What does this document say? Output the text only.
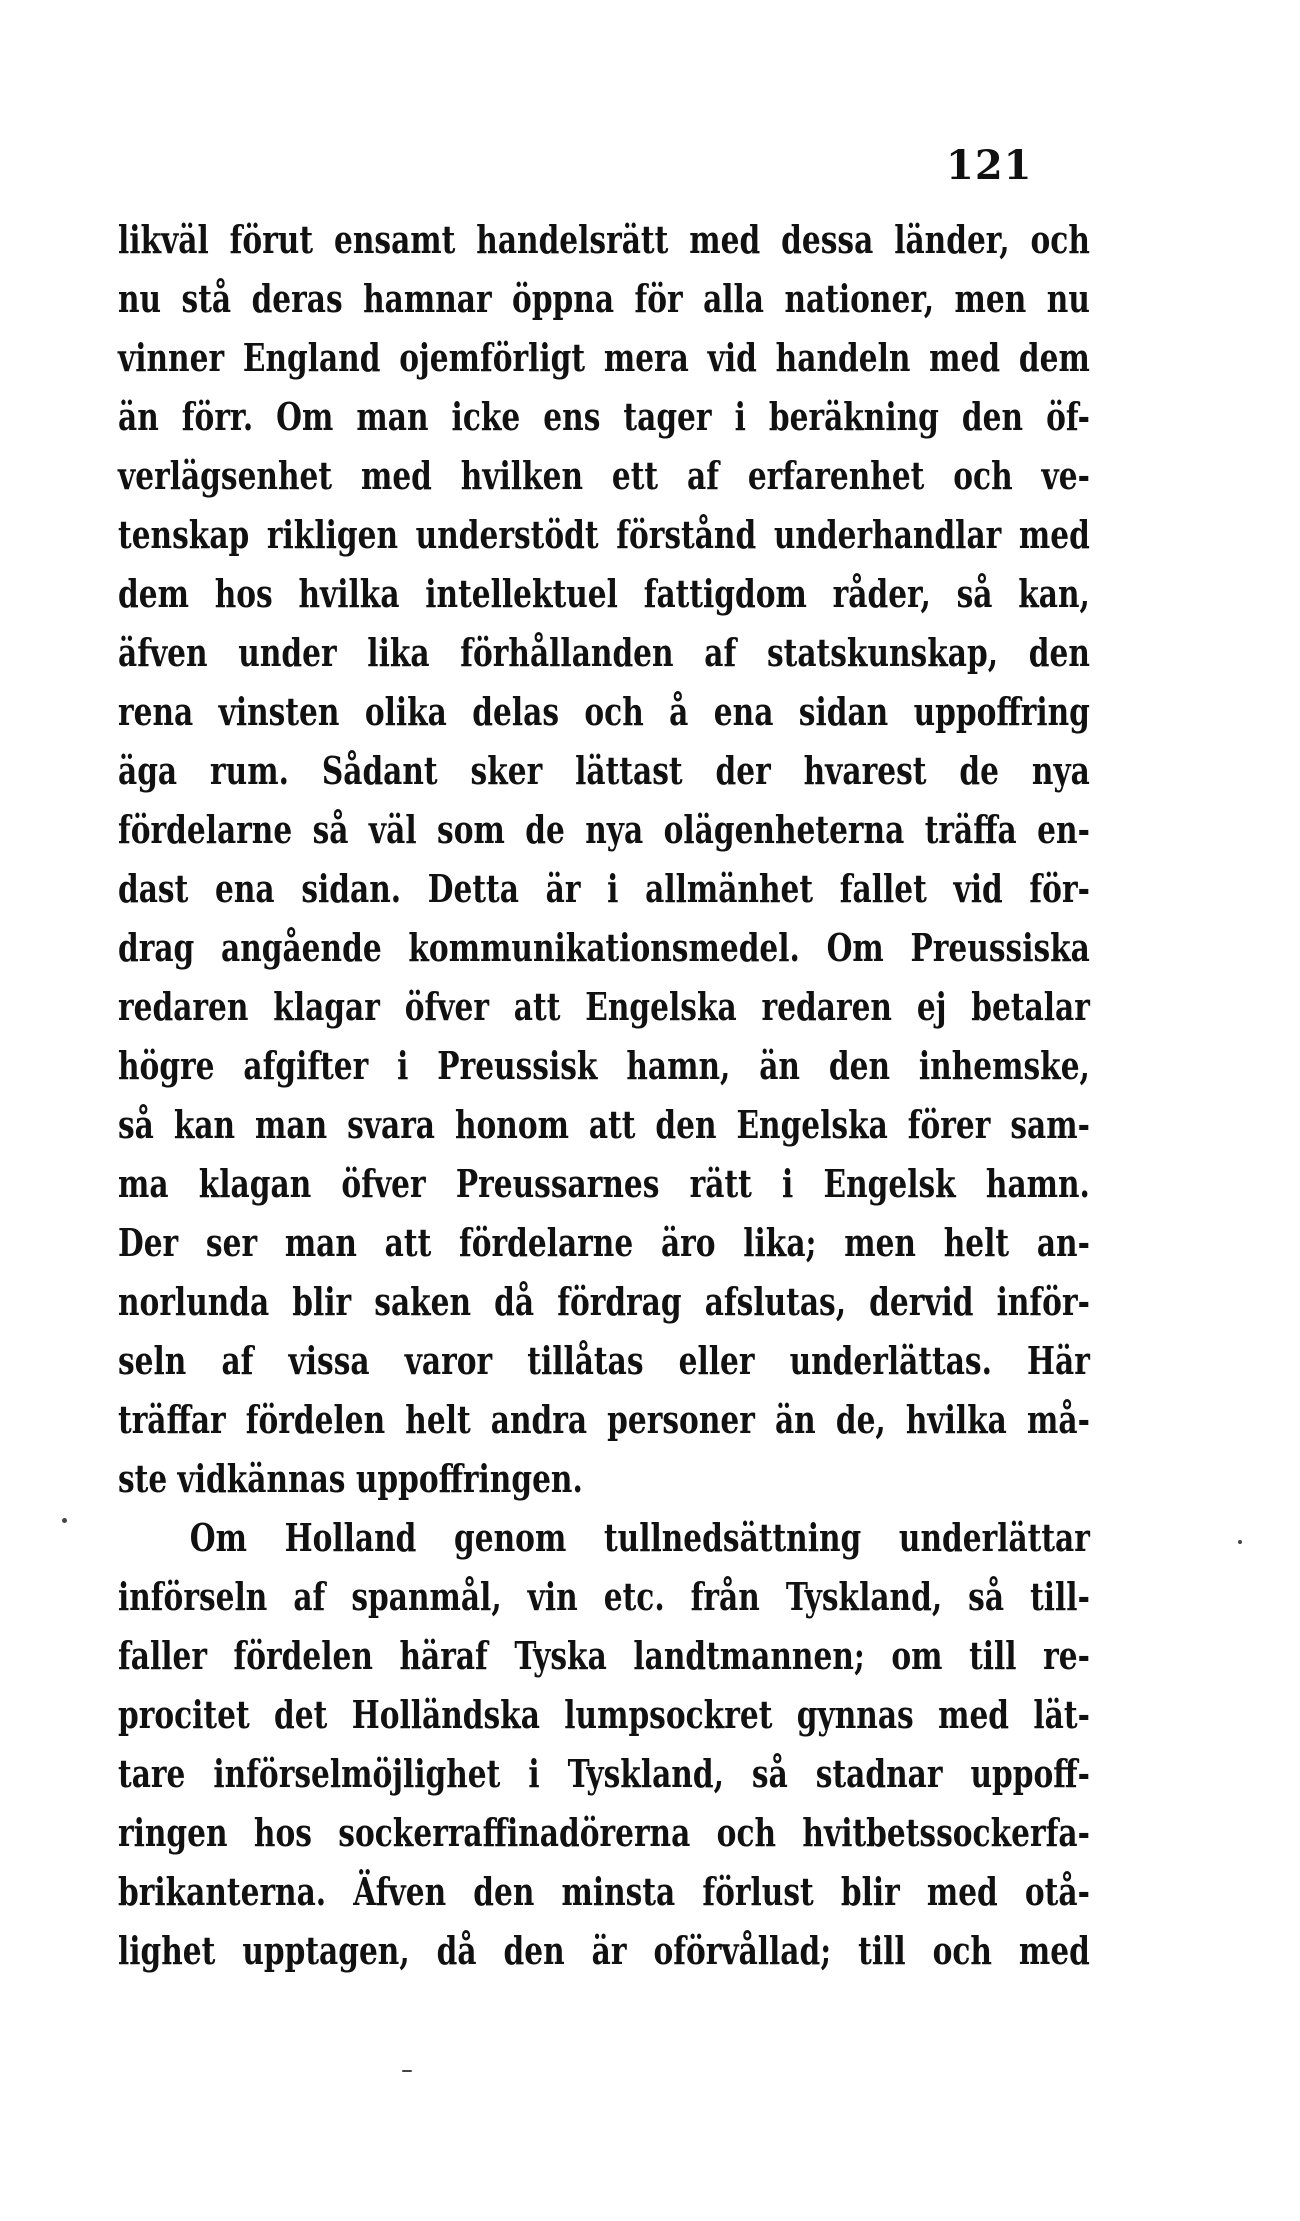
121
likväl förut ensamt handelsrätt med dessa länder, och
nu stå deras hamnar öppna för alla nationer, men nu
vinner England ojemförligt mera vid handeln med dem
än förr. Om man icke ens tager i beräkning den öf-
verlägsenhet med hvilken ett af erfarenhet och ve-
tenskap rikligen understödt förstånd underhandlar med
dem hos hvilka intellektuel fattigdom råder, så kan,
äfven under lika förhållanden af statskunskap, den
rena vinsten olika delas och å ena sidan uppoffring
äga rum. Sådant sker lättast der hvarest de nya
fördelarne så väl som de nya olägenheterna träffa en-
dast ena sidan. Detta är i allmänhet fallet vid för-
drag angående kommunikationsmedel. Om Preussiska
redaren klagar öfver att Engelska redaren ej betalar
högre afgifter i Preussisk hamn, än den inhemske,
så kan man svara honom att den Engelska förer sam-
ma klagan öfver Preussarnes rätt i Engelsk hamn.
Der ser man att fördelarne äro lika; men helt an-
norlunda blir saken då fördrag afslutas, dervid inför-
seln af vissa varor tillåtas eller underlättas. Här
träffar fördelen helt andra personer än de, hvilka må-
ste vidkännas uppoffringen.
Om Holland genom tullnedsättning underlättar
införseln af spanmål, vin etc. från Tyskland, så till-
faller fördelen häraf Tyska landtmannen; om till re-
procitet det Holländska lumpsockret gynnas med lät-
tare införselmöjlighet i Tyskland, så stadnar uppoff-
ringen hos sockerraffinadörerna och hvitbetssockerfa-
brikanterna. Äfven den minsta förlust blir med otå-
lighet upptagen, då den är oförvållad; till och med
